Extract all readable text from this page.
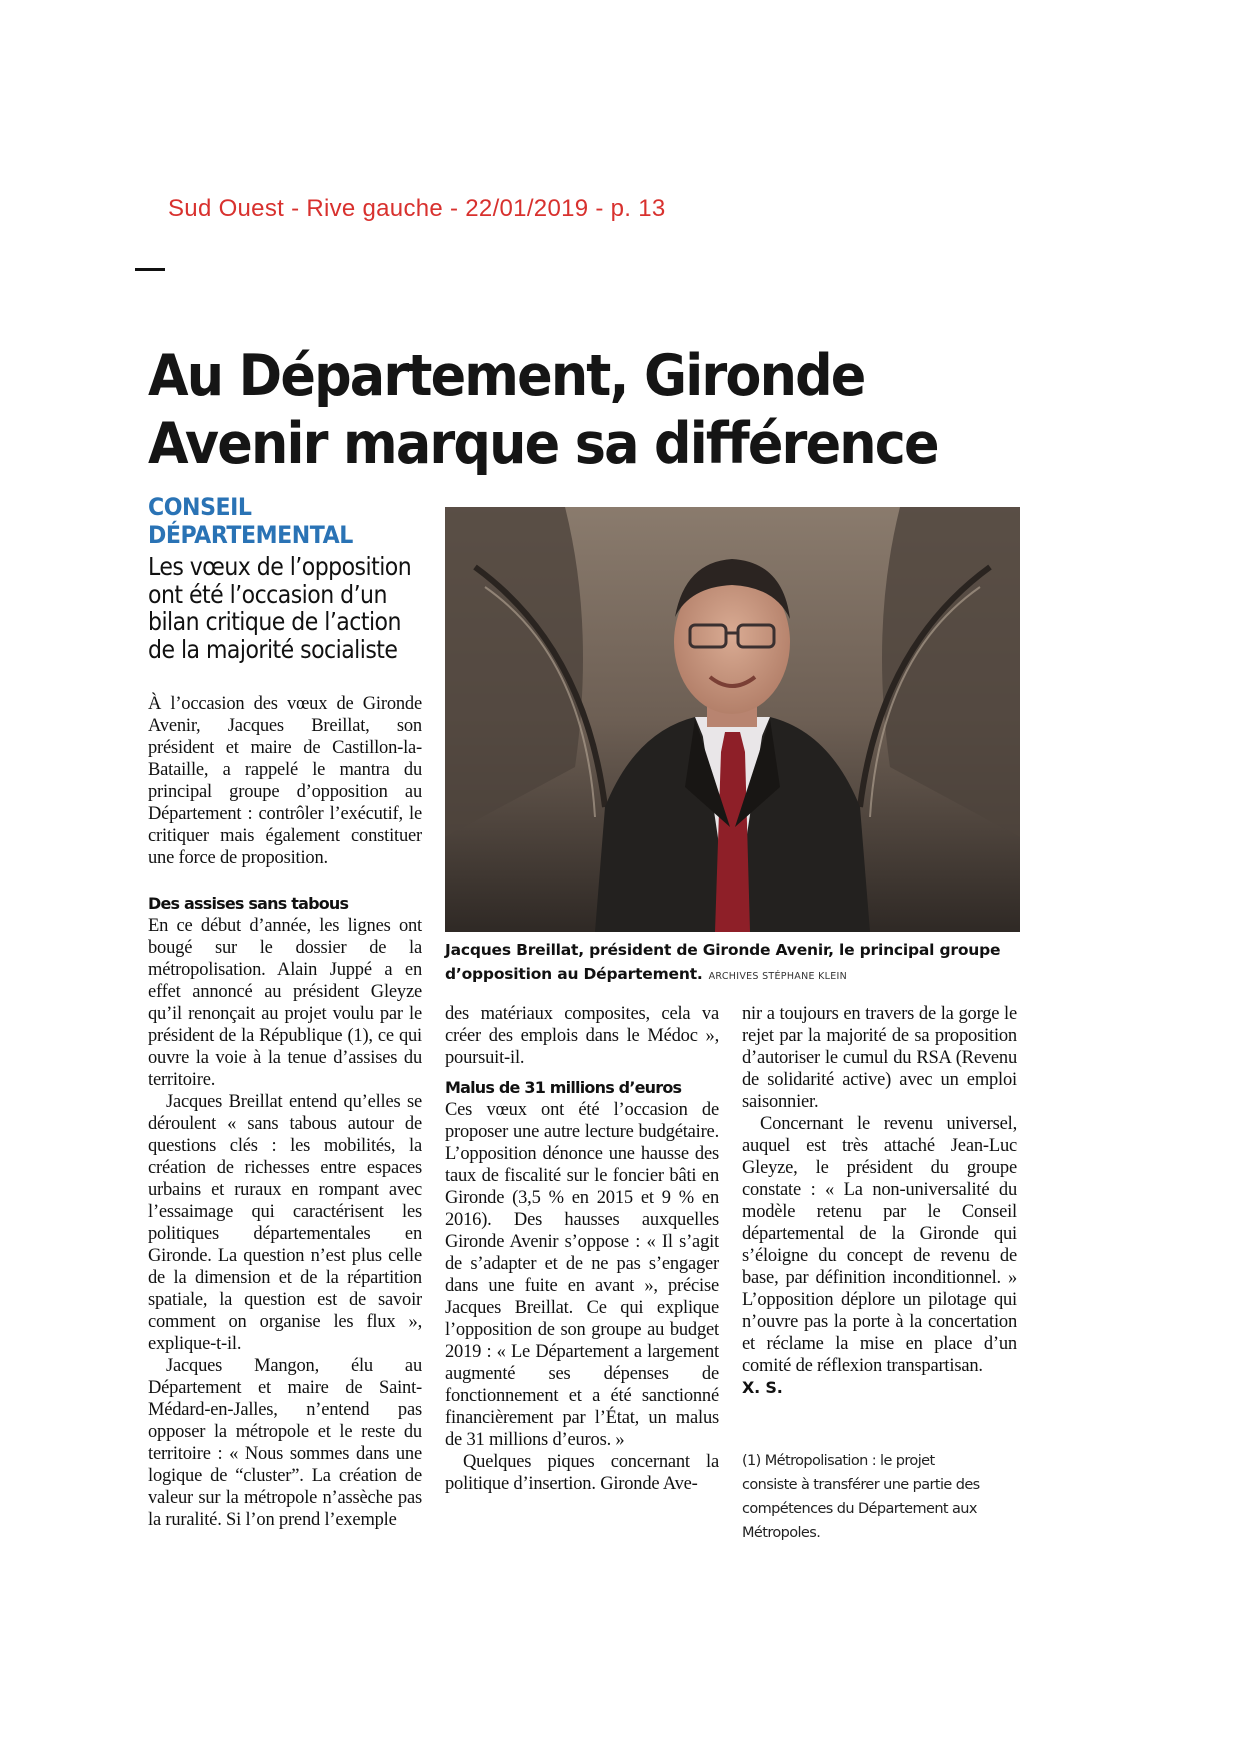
Sud Ouest - Rive gauche - 22/01/2019 - p. 13
Au Département, Gironde Avenir marque sa différence
CONSEIL DÉPARTEMENTAL
Les vœux de l’opposition ont été l’occasion d’un bilan critique de l’action de la majorité socialiste
Jacques Breillat, président de Gironde Avenir, le principal groupe d’opposition au Département. ARCHIVES STÉPHANE KLEIN

À l’occasion des vœux de Gironde Avenir, Jacques Breillat, son président et maire de Castillon-la-Bataille, a rappelé le mantra du principal groupe d’opposition au Département : contrôler l’exécutif, le critiquer mais également constituer une force de proposition.

Des assises sans tabous

En ce début d’année, les lignes ont bougé sur le dossier de la métropolisation. Alain Juppé a en effet annoncé au président Gleyze qu’il renonçait au projet voulu par le président de la République (1), ce qui ouvre la voie à la tenue d’assises du territoire.

Jacques Breillat entend qu’elles se déroulent « sans tabous autour de questions clés : les mobilités, la création de richesses entre espaces urbains et ruraux en rompant avec l’essaimage qui caractérisent les politiques départementales en Gironde. La question n’est plus celle de la dimension et de la répartition spatiale, la question est de savoir comment on organise les flux », explique-t-il.

Jacques Mangon, élu au Département et maire de Saint-Médard-en-Jalles, n’entend pas opposer la métropole et le reste du territoire : « Nous sommes dans une logique de “cluster”. La création de valeur sur la métropole n’assèche pas la ruralité. Si l’on prend l’exemple

des matériaux composites, cela va créer des emplois dans le Médoc », poursuit-il.

Malus de 31 millions d’euros

Ces vœux ont été l’occasion de proposer une autre lecture budgétaire. L’opposition dénonce une hausse des taux de fiscalité sur le foncier bâti en Gironde (3,5 % en 2015 et 9 % en 2016). Des hausses auxquelles Gironde Avenir s’oppose : « Il s’agit de s’adapter et de ne pas s’engager dans une fuite en avant », précise Jacques Breillat. Ce qui explique l’opposition de son groupe au budget 2019 : « Le Département a largement augmenté ses dépenses de fonctionnement et a été sanctionné financièrement par l’État, un malus de 31 millions d’euros. »

Quelques piques concernant la politique d’insertion. Gironde Ave-

nir a toujours en travers de la gorge le rejet par la majorité de sa proposition d’autoriser le cumul du RSA (Revenu de solidarité active) avec un emploi saisonnier.

Concernant le revenu universel, auquel est très attaché Jean-Luc Gleyze, le président du groupe constate : « La non-universalité du modèle retenu par le Conseil départemental de la Gironde qui s’éloigne du concept de revenu de base, par définition inconditionnel. » L’opposition déplore un pilotage qui n’ouvre pas la porte à la concertation et réclame la mise en place d’un comité de réflexion transpartisan.

X. S.
(1) Métropolisation : le projet consiste à transférer une partie des compétences du Département aux Métropoles.
